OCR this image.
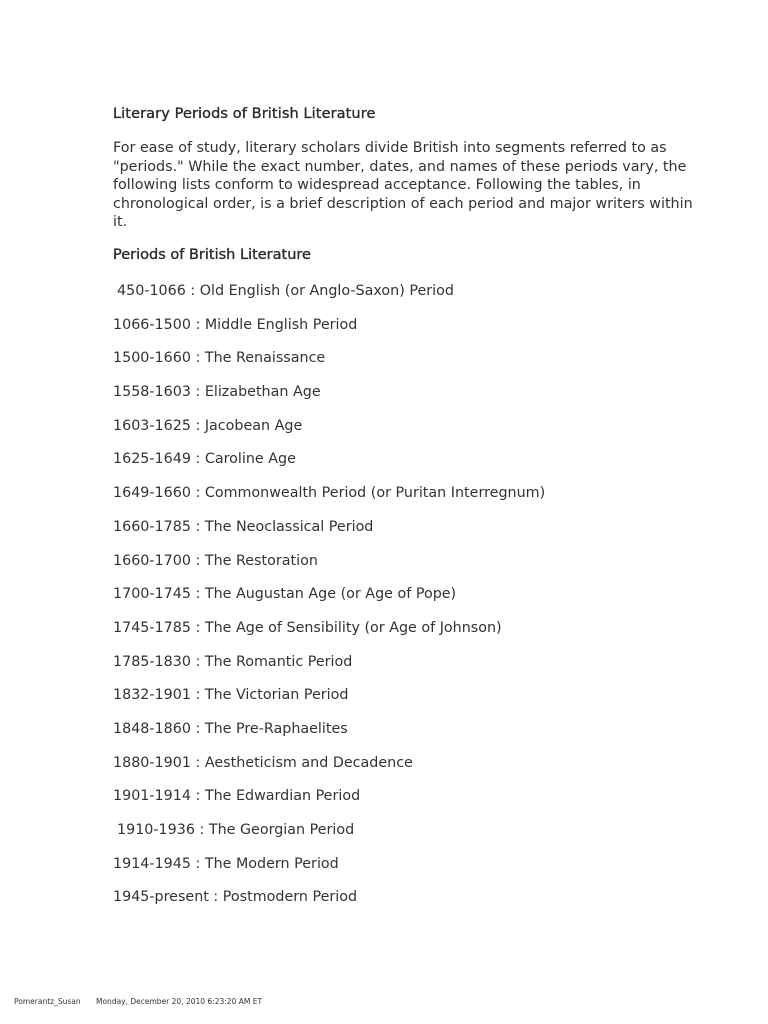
Literary Periods of British Literature

For ease of study, literary scholars divide British into segments referred to as "periods." While the exact number, dates, and names of these periods vary, the following lists conform to widespread acceptance. Following the tables, in chronological order, is a brief description of each period and major writers within it.

Periods of British Literature
450-1066 : Old English (or Anglo-Saxon) Period
1066-1500 : Middle English Period
1500-1660 : The Renaissance
1558-1603 : Elizabethan Age
1603-1625 : Jacobean Age
1625-1649 : Caroline Age
1649-1660 : Commonwealth Period (or Puritan Interregnum)
1660-1785 : The Neoclassical Period
1660-1700 : The Restoration
1700-1745 : The Augustan Age (or Age of Pope)
1745-1785 : The Age of Sensibility (or Age of Johnson)
1785-1830 : The Romantic Period
1832-1901 : The Victorian Period
1848-1860 : The Pre-Raphaelites
1880-1901 : Aestheticism and Decadence
1901-1914 : The Edwardian Period
1910-1936 : The Georgian Period
1914-1945 : The Modern Period
1945-present : Postmodern Period
Pomerantz_Susan Monday, December 20, 2010 6:23:20 AM ET
